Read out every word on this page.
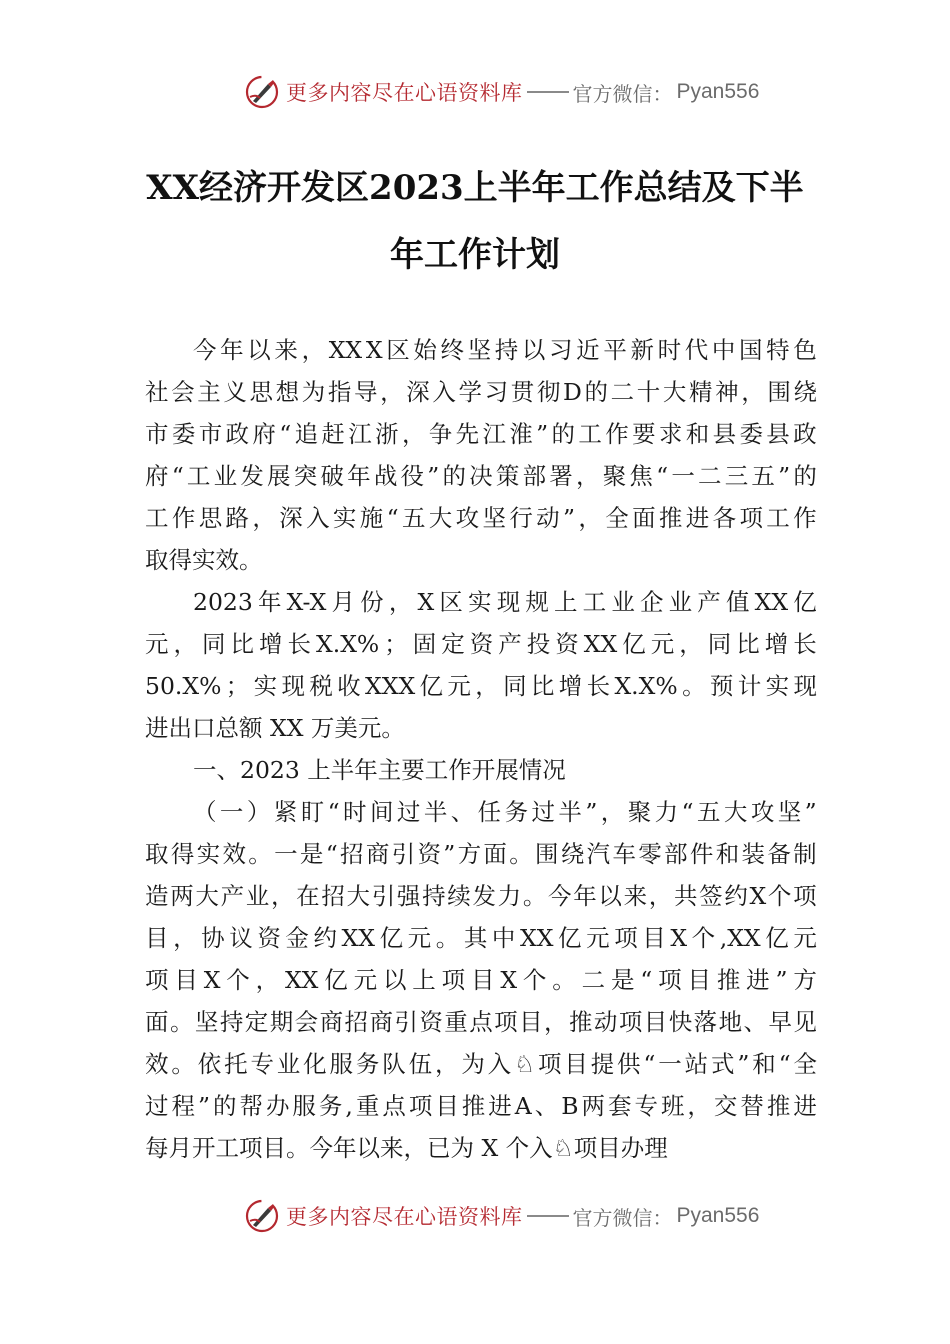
更多内容尽在心语资料库	官方微信： Pyan556
XX经济开发区2023上半年工作总结及下半
年工作计划
今 年 以 来 ， XX X 区 始 终 坚 持 以 习 近 平 新 时 代 中 国 特 色
社 会 主 义 思 想 为 指 导 ， 深 入 学 习 贯 彻 D 的 二 十 大 精 神 ， 围 绕
市 委 市 政 府 “ 追 赶 江 浙 ， 争 先 江 淮 ” 的 工 作 要 求 和 县 委 县 政
府 “ 工 业 发 展 突 破 年 战 役 ” 的 决 策 部 署 ， 聚 焦 “ 一 二 三 五 ” 的
工 作 思 路 ， 深 入 实 施 “ 五 大 攻 坚 行 动 ” ， 全 面 推 进 各 项 工 作
取得实效。
2023 年 X-X 月 份 ， X 区 实 现 规 上 工 业 企 业 产 值 XX 亿
元 ， 同 比 增 长 X.X% ； 固 定 资 产 投 资 XX 亿 元 ， 同 比 增 长
50.X% ； 实 现 税 收 XXX 亿 元 ， 同 比 增 长 X.X% 。 预 计 实 现
进出口总额 XX 万美元。
一、2023 上半年主要工作开展情况
（ 一 ） 紧 盯 “ 时 间 过 半 、 任 务 过 半 ” ， 聚 力 “ 五 大 攻 坚 ”
取 得 实 效 。 一 是 “ 招 商 引 资 ” 方 面 。 围 绕 汽 车 零 部 件 和 装 备 制
造 两 大 产 业 ， 在 招 大 引 强 持 续 发 力 。 今 年 以 来 ， 共 签 约 X 个 项
目 ， 协 议 资 金 约 XX 亿 元 。 其 中 XX 亿 元 项 目 X 个 ,XX 亿 元
项 目 X 个 ， XX 亿 元 以 上 项 目 X 个 。 二 是 “ 项 目 推 进 ” 方
面 。 坚 持 定 期 会 商 招 商 引 资 重 点 项 目 ， 推 动 项 目 快 落 地 、 早 见
效 。 依 托 专 业 化 服 务 队 伍 ， 为 入 ♘ 项 目 提 供 “ 一 站 式 ” 和 “ 全
过 程 ” 的 帮 办 服 务 , 重 点 项 目 推 进 A 、 B 两 套 专 班 ， 交 替 推 进
每月开工项目。今年以来，已为 X 个入♘项目办理
更多内容尽在心语资料库	官方微信： Pyan556
